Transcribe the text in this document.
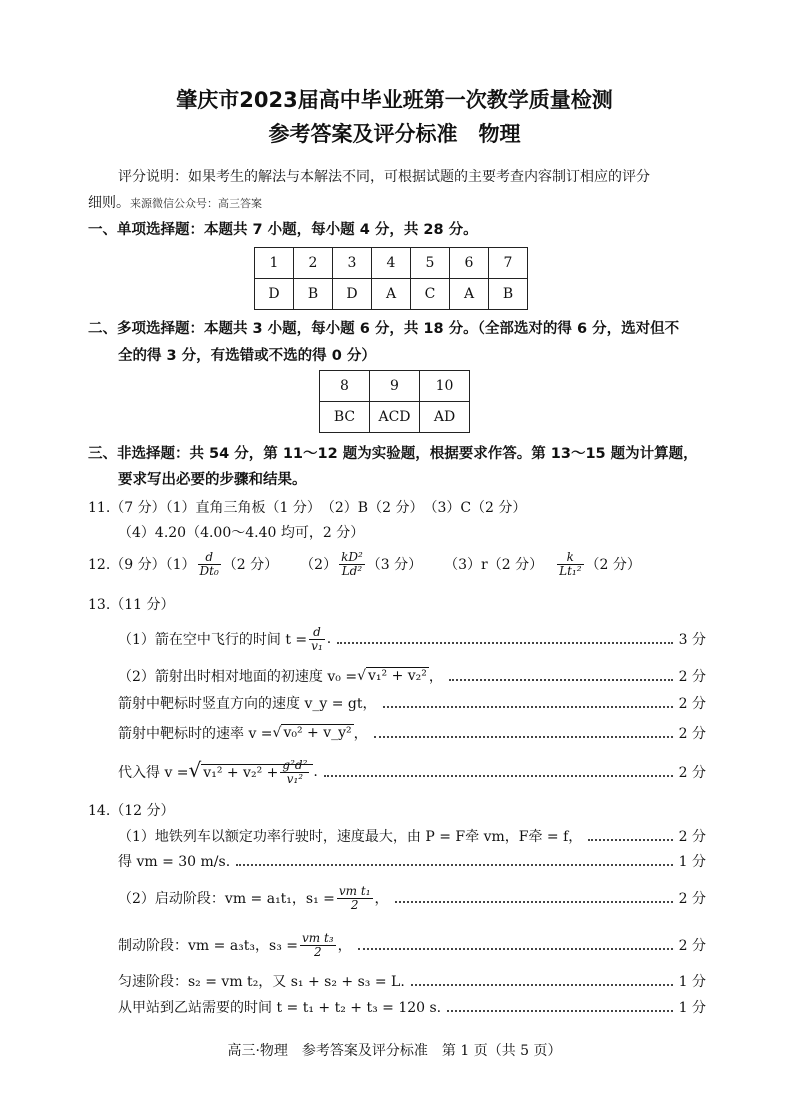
肇庆市2023届高中毕业班第一次教学质量检测
参考答案及评分标准　物理
评分说明：如果考生的解法与本解法不同，可根据试题的主要考查内容制订相应的评分
细则。来源微信公众号：高三答案
一、单项选择题：本题共 7 小题，每小题 4 分，共 28 分。
1	2	3	4	5	6	7
D	B	D	A	C	A	B
二、多项选择题：本题共 3 小题，每小题 6 分，共 18 分。（全部选对的得 6 分，选对但不
全的得 3 分，有选错或不选的得 0 分）
8	9	10
BC	ACD	AD
三、非选择题：共 54 分，第 11～12 题为实验题，根据要求作答。第 13～15 题为计算题，
要求写出必要的步骤和结果。
11.（7 分）（1）直角三角板（1 分）　（2）B（2 分）　（3）C（2 分）
（4）4.20（4.00～4.40 均可，2 分）
12.（9 分）$(1) \frac{d}{\text{Dt₀}} (2$ 分） $(2) \frac{\text{kD²}}{\text{Ld²}} (3$ 分） （3）r（2 分） $\frac{k}{\text{Lt₁²}} (2$ 分）
13.（11 分）
（1）箭在空中飞行的时间 $t = \frac{d}{\text{v₁}}$ .	3 分
（2）箭射出时相对地面的初速度 v₀ = √ v₁² + v₂² ，	2 分
箭射中靶标时竖直方向的速度 v_y = gt，	2 分
箭射中靶标时的速率 v = √ v₀² + v_y² ，	2 分
代入得 v = √ $v_1^2 + v_2^2 + \frac{\text{g²d²}}{\text{v₁²}}$ .	2 分
14.（12 分）
（1）地铁列车以额定功率行驶时，速度最大，由 P = F牵 vm，F牵 = f，	2 分
得 vm = 30 m/s.	1 分
（2）启动阶段：vm = a₁t₁，$s_1 = \frac{\text{vm t₁}}{2}$ ，	2 分
制动阶段：vm = a₃t₃，$s_3 = \frac{\text{vm t₃}}{2}$ ，	2 分
匀速阶段：s₂ = vm t₂，又 s₁ + s₂ + s₃ = L.	1 分
从甲站到乙站需要的时间 t = t₁ + t₂ + t₃ = 120 s.	1 分
高三·物理　参考答案及评分标准　第 1 页（共 5 页）
